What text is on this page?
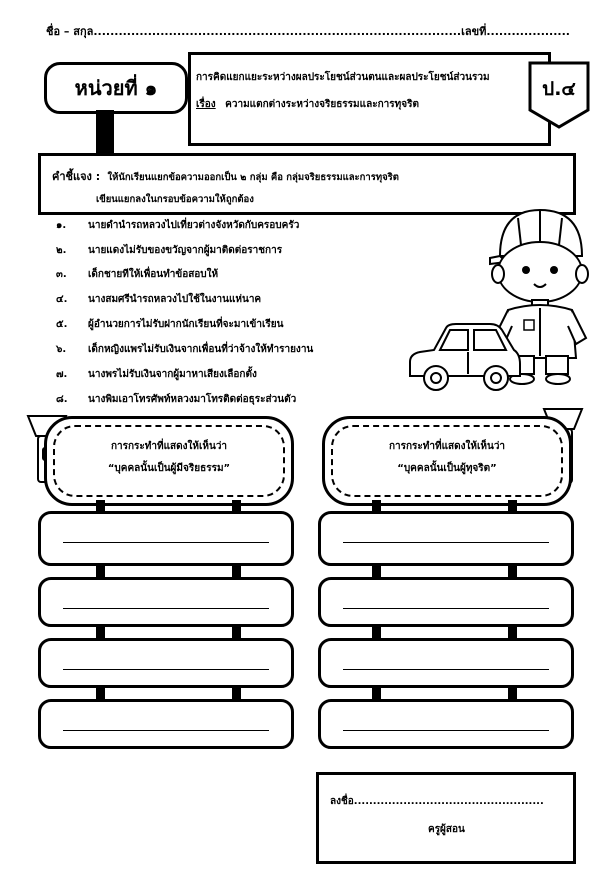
ชื่อ – สกุล........................................................................................เลขที่....................
หน่วยที่ ๑	การคิดแยกแยะระหว่างผลประโยชน์ส่วนตนและผลประโยชน์ส่วนรวม
เรื่อง ความแตกต่างระหว่างจริยธรรมและการทุจริต
ป.๔
คำชี้แจง : ให้นักเรียนแยกข้อความออกเป็น ๒ กลุ่ม คือ กลุ่มจริยธรรมและการทุจริต
เขียนแยกลงในกรอบข้อความให้ถูกต้อง
๑. นายดำนำรถหลวงไปเที่ยวต่างจังหวัดกับครอบครัว
๒. นายแดงไม่รับของขวัญจากผู้มาติดต่อราชการ
๓. เด็กชายทีให้เพื่อนทำข้อสอบให้
๔. นางสมศรีนำรถหลวงไปใช้ในงานแห่นาค
๕. ผู้อำนวยการไม่รับฝากนักเรียนที่จะมาเข้าเรียน
๖. เด็กหญิงแพรไม่รับเงินจากเพื่อนที่ว่าจ้างให้ทำรายงาน
๗. นางพรไม่รับเงินจากผู้มาหาเสียงเลือกตั้ง
๘. นางพิมเอาโทรศัพท์หลวงมาโทรติดต่อธุระส่วนตัว
การกระทำที่แสดงให้เห็นว่า
“บุคคลนั้นเป็นผู้มีจริยธรรม”
การกระทำที่แสดงให้เห็นว่า
“บุคคลนั้นเป็นผู้ทุจริต”
ลงชื่อ..................................................
ครูผู้สอน
